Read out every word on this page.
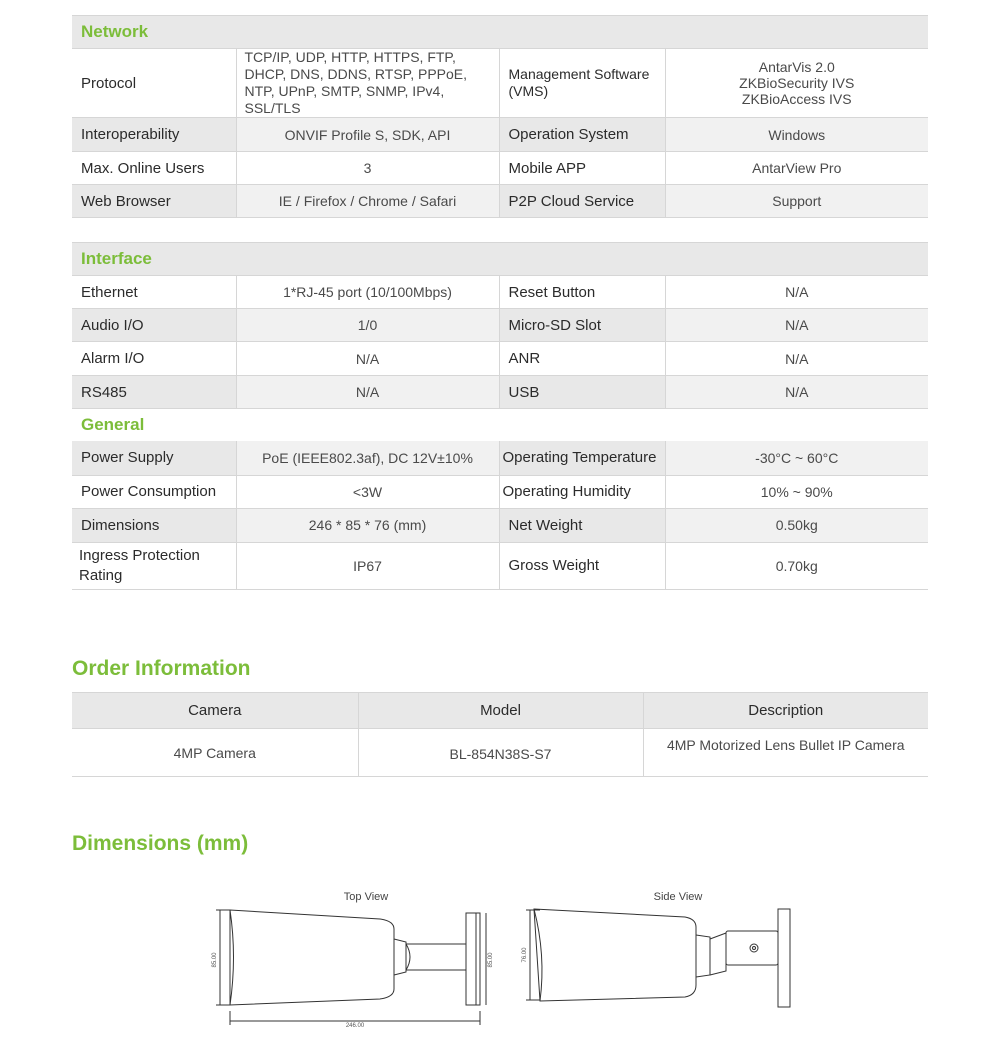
Network			
Protocol	TCP/IP, UDP, HTTP, HTTPS, FTP, DHCP, DNS, DDNS, RTSP, PPPoE, NTP, UPnP, SMTP, SNMP, IPv4, SSL/TLS	Management Software (VMS)	AntarVis 2.0
ZKBioSecurity IVS
ZKBioAccess IVS
Interoperability	ONVIF Profile S, SDK, API	Operation System	Windows
Max. Online Users	3	Mobile APP	AntarView Pro
Web Browser	IE / Firefox / Chrome / Safari	P2P Cloud Service	Support
Interface			
Ethernet	1*RJ-45 port (10/100Mbps)	Reset Button	N/A
Audio I/O	1/0	Micro-SD Slot	N/A
Alarm I/O	N/A	ANR	N/A
RS485	N/A	USB	N/A
General			
Power Supply	PoE (IEEE802.3af), DC 12V±10%	Operating Temperature	-30°C ~ 60°C
Power Consumption	<3W	Operating Humidity	10% ~ 90%
Dimensions	246 * 85 * 76 (mm)	Net Weight	0.50kg
Ingress Protection Rating	IP67	Gross Weight	0.70kg
Order Information
Camera	Model	Description
4MP Camera	BL-854N38S-S7	4MP Motorized Lens Bullet IP Camera
Dimensions (mm)
Top View	Side View
85.00	85.00
246.00
76.00
